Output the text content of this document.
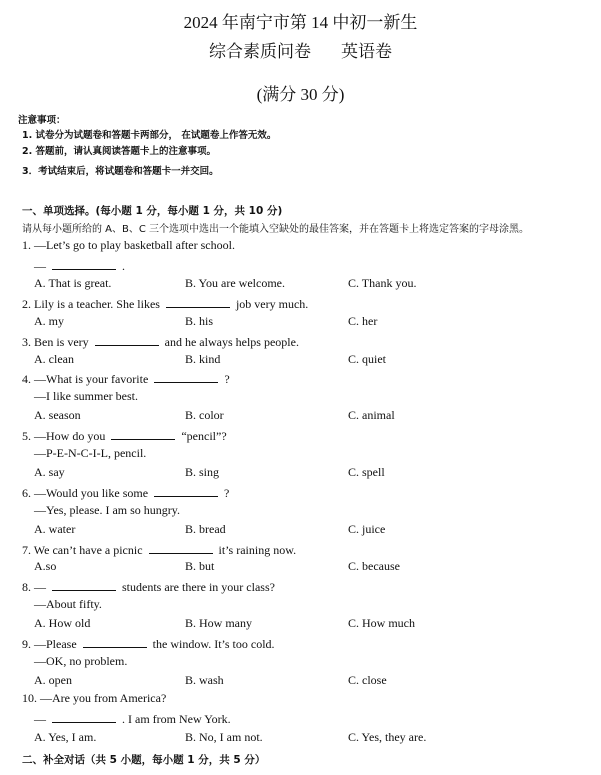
2024 年南宁市第 14 中初一新生
综合素质问卷 英语卷
(满分 30 分)
注意事项：
1. 试卷分为试题卷和答题卡两部分， 在试题卷上作答无效。
2. 答题前，请认真阅读答题卡上的注意事项。
3．考试结束后，将试题卷和答题卡一并交回。
一、单项选择。(每小题 1 分，每小题 1 分，共 10 分)
请从每小题所给的 A、B、C 三个选项中选出一个能填入空缺处的最佳答案，并在答题卡上将选定答案的字母涂黑。
1. —Let’s go to play basketball after school.
—	.
A. That is great.	B. You are welcome.	C. Thank you.
2. Lily is a teacher. She likes	job very much.
A. my	B. his	C. her
3. Ben is very	and he always helps people.
A. clean	B. kind	C. quiet
4. —What is your favorite	?
—I like summer best.
A. season	B. color	C. animal
5. —How do you	“pencil”?
—P-E-N-C-I-L, pencil.
A. say	B. sing	C. spell
6. —Would you like some	?
—Yes, please. I am so hungry.
A. water	B. bread	C. juice
7. We can’t have a picnic	it’s raining now.
A.so	B. but	C. because
8. —	students are there in your class?
—About fifty.
A. How old	B. How many	C. How much
9. —Please	the window. It’s too cold.
—OK, no problem.
A. open	B. wash	C. close
10. —Are you from America?
—	. I am from New York.
A. Yes, I am.	B. No, I am not.	C. Yes, they are.
二、补全对话（共 5 小题，每小题 1 分，共 5 分）
